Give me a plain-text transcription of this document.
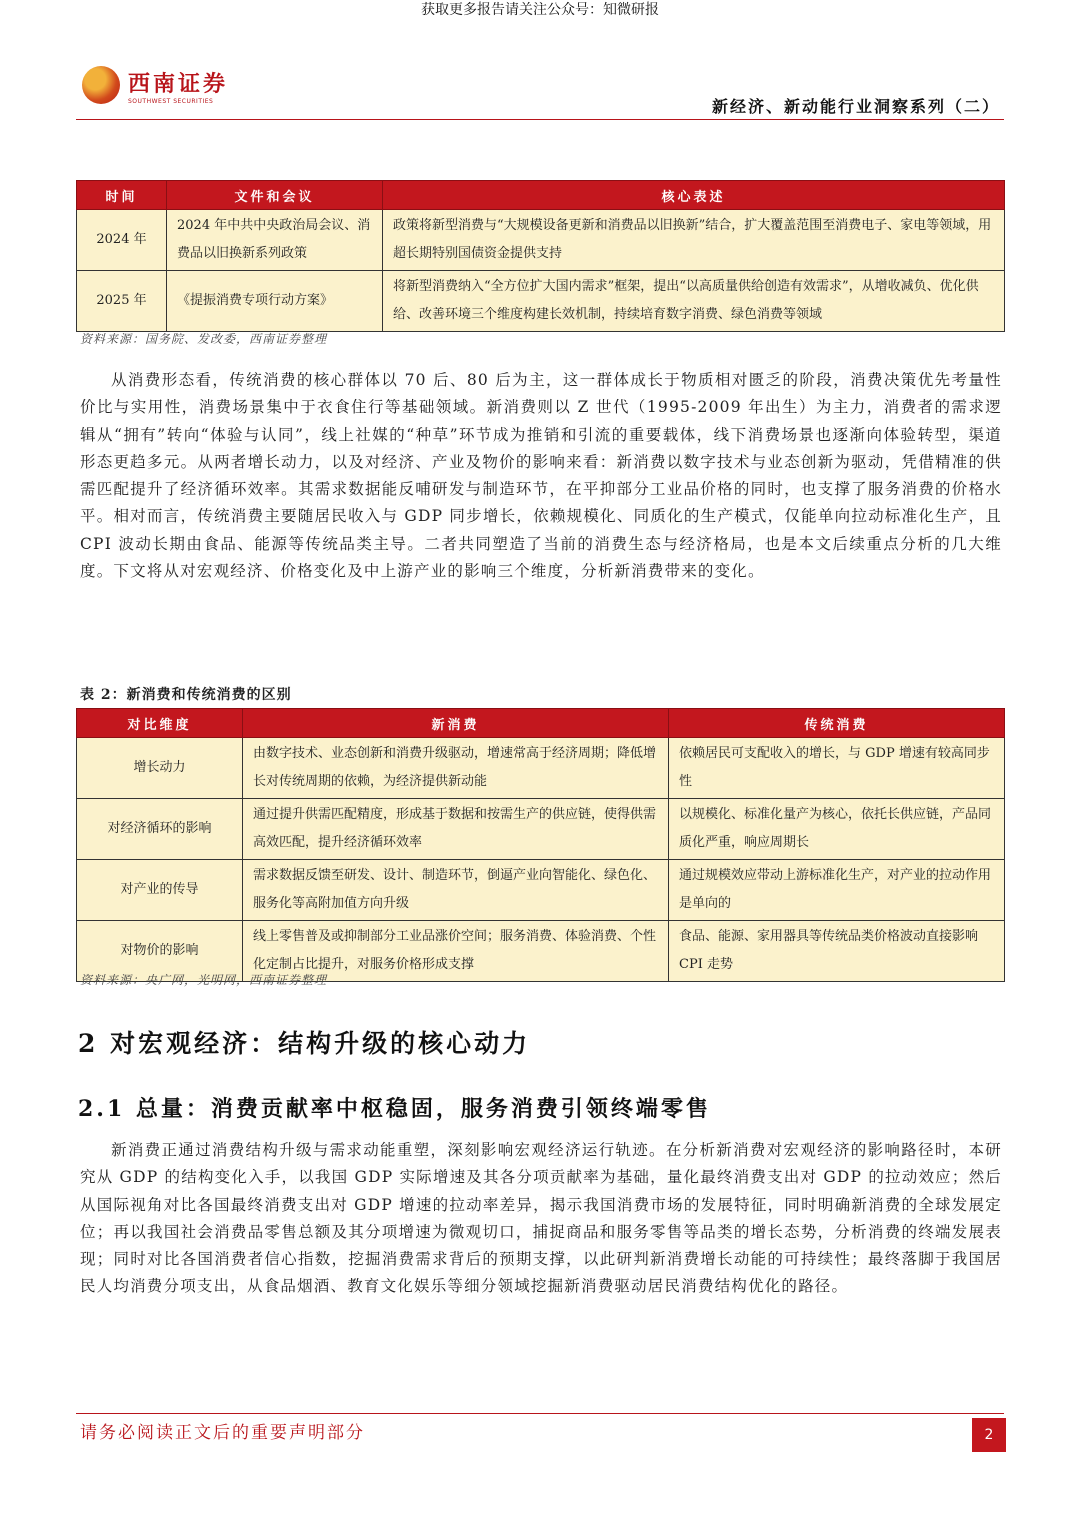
获取更多报告请关注公众号：知微研报
西南证券
SOUTHWEST SECURITIES	新经济、新动能行业洞察系列（二）
时间	文件和会议	核心表述
2024 年	2024 年中共中央政治局会议、消费品以旧换新系列政策	政策将新型消费与“大规模设备更新和消费品以旧换新”结合，扩大覆盖范围至消费电子、家电等领域，用超长期特别国债资金提供支持
2025 年	《提振消费专项行动方案》	将新型消费纳入“全方位扩大国内需求”框架，提出“以高质量供给创造有效需求”，从增收减负、优化供给、改善环境三个维度构建长效机制，持续培育数字消费、绿色消费等领域
资料来源：国务院、发改委，西南证券整理

从消费形态看，传统消费的核心群体以 70 后、80 后为主，这一群体成长于物质相对匮乏的阶段，消费决策优先考量性价比与实用性，消费场景集中于衣食住行等基础领域。新消费则以 Z 世代（1995-2009 年出生）为主力，消费者的需求逻辑从“拥有”转向“体验与认同”，线上社媒的“种草”环节成为推销和引流的重要载体，线下消费场景也逐渐向体验转型，渠道形态更趋多元。从两者增长动力，以及对经济、产业及物价的影响来看：新消费以数字技术与业态创新为驱动，凭借精准的供需匹配提升了经济循环效率。其需求数据能反哺研发与制造环节，在平抑部分工业品价格的同时，也支撑了服务消费的价格水平。相对而言，传统消费主要随居民收入与 GDP 同步增长，依赖规模化、同质化的生产模式，仅能单向拉动标准化生产，且 CPI 波动长期由食品、能源等传统品类主导。二者共同塑造了当前的消费生态与经济格局，也是本文后续重点分析的几大维度。下文将从对宏观经济、价格变化及中上游产业的影响三个维度，分析新消费带来的变化。

表 2：新消费和传统消费的区别
对比维度	新消费	传统消费
增长动力	由数字技术、业态创新和消费升级驱动，增速常高于经济周期；降低增长对传统周期的依赖，为经济提供新动能	依赖居民可支配收入的增长，与 GDP 增速有较高同步性
对经济循环的影响	通过提升供需匹配精度，形成基于数据和按需生产的供应链，使得供需高效匹配，提升经济循环效率	以规模化、标准化量产为核心，依托长供应链，产品同质化严重，响应周期长
对产业的传导	需求数据反馈至研发、设计、制造环节，倒逼产业向智能化、绿色化、服务化等高附加值方向升级	通过规模效应带动上游标准化生产，对产业的拉动作用是单向的
对物价的影响	线上零售普及或抑制部分工业品涨价空间；服务消费、体验消费、个性化定制占比提升，对服务价格形成支撑	食品、能源、家用器具等传统品类价格波动直接影响 CPI 走势
资料来源：央广网，光明网，西南证券整理
2 对宏观经济：结构升级的核心动力
2.1 总量：消费贡献率中枢稳固，服务消费引领终端零售

新消费正通过消费结构升级与需求动能重塑，深刻影响宏观经济运行轨迹。在分析新消费对宏观经济的影响路径时，本研究从 GDP 的结构变化入手，以我国 GDP 实际增速及其各分项贡献率为基础，量化最终消费支出对 GDP 的拉动效应；然后从国际视角对比各国最终消费支出对 GDP 增速的拉动率差异，揭示我国消费市场的发展特征，同时明确新消费的全球发展定位；再以我国社会消费品零售总额及其分项增速为微观切口，捕捉商品和服务零售等品类的增长态势，分析消费的终端发展表现；同时对比各国消费者信心指数，挖掘消费需求背后的预期支撑，以此研判新消费增长动能的可持续性；最终落脚于我国居民人均消费分项支出，从食品烟酒、教育文化娱乐等细分领域挖掘新消费驱动居民消费结构优化的路径。

请务必阅读正文后的重要声明部分	2
